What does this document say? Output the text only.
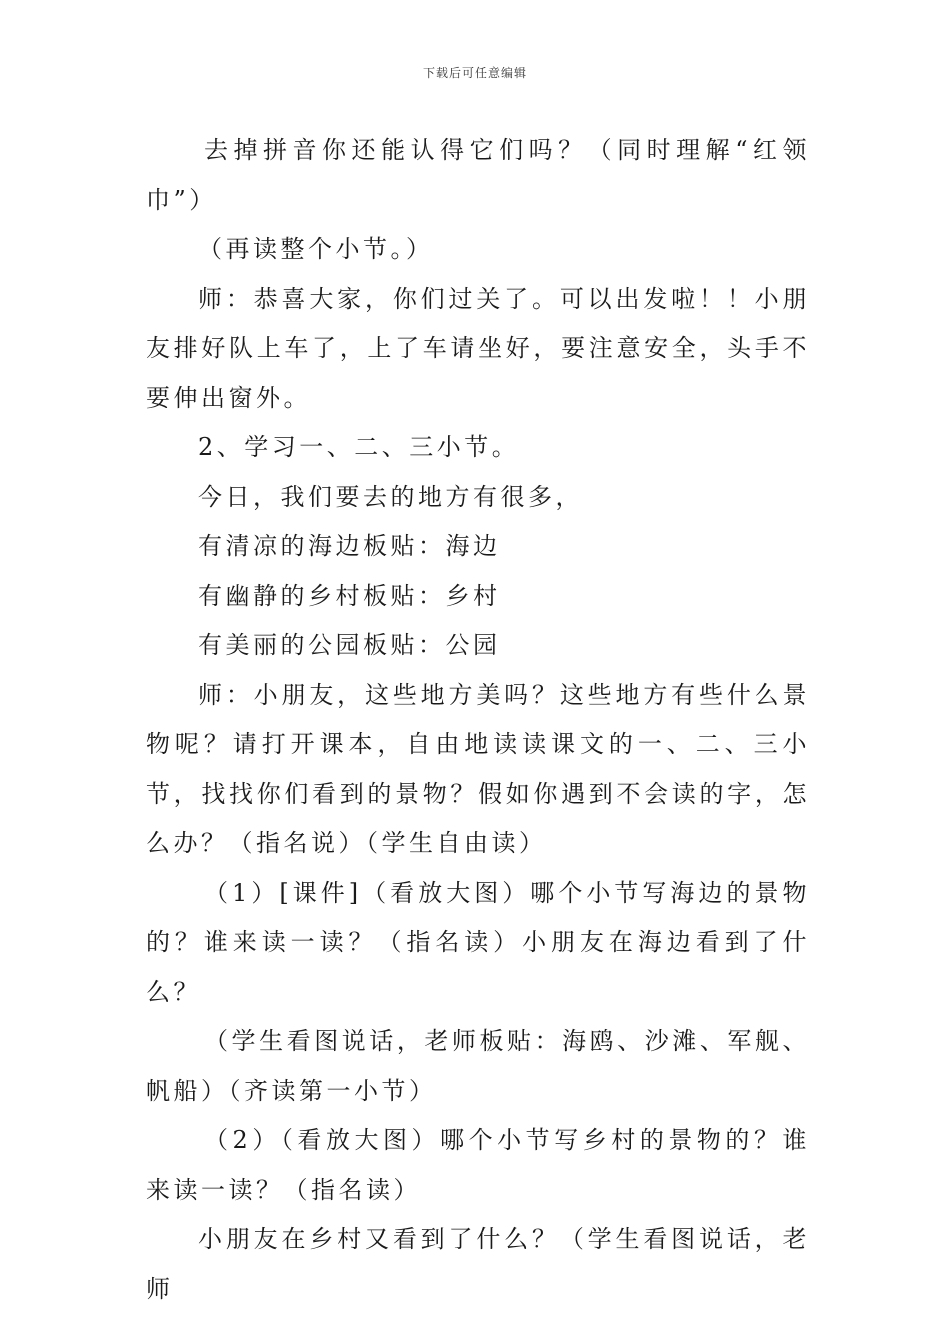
下载后可任意编辑

去掉拼音你还能认得它们吗？（同时理解“红领巾”）

（再读整个小节。）

师：恭喜大家，你们过关了。可以出发啦！！小朋友排好队上车了，上了车请坐好，要注意安全，头手不要伸出窗外。

2、学习一、二、三小节。

今日，我们要去的地方有很多，

有清凉的海边板贴：海边

有幽静的乡村板贴：乡村

有美丽的公园板贴：公园

师：小朋友，这些地方美吗？这些地方有些什么景物呢？请打开课本，自由地读读课文的一、二、三小节，找找你们看到的景物？假如你遇到不会读的字，怎么办？（指名说）（学生自由读）

（1）[课件]（看放大图）哪个小节写海边的景物的？谁来读一读？（指名读）小朋友在海边看到了什么？

（学生看图说话，老师板贴：海鸥、沙滩、军舰、帆船）（齐读第一小节）

（2）（看放大图）哪个小节写乡村的景物的？谁来读一读？（指名读）

小朋友在乡村又看到了什么？（学生看图说话，老师
